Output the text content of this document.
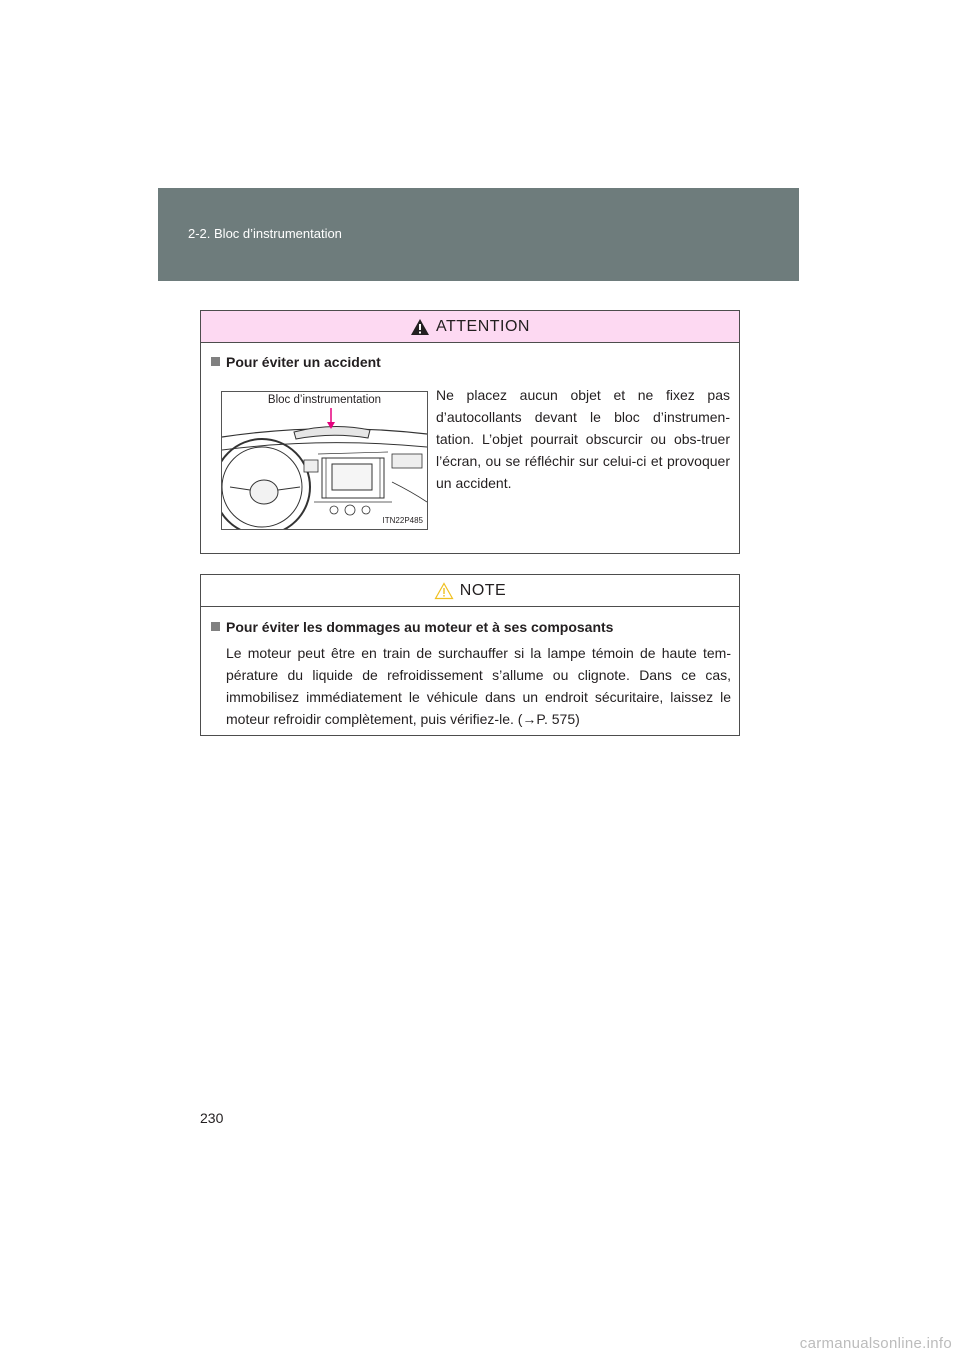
2-2. Bloc d’instrumentation
ATTENTION
Pour éviter un accident
Bloc d’instrumentation
ITN22P485
Ne placez aucun objet et ne fixez pas d’autocollants devant le bloc d’instrumen-tation. L’objet pourrait obscurcir ou obs-truer l’écran, ou se réfléchir sur celui-ci et provoquer un accident.
NOTE
Pour éviter les dommages au moteur et à ses composants
Le moteur peut être en train de surchauffer si la lampe témoin de haute tem-pérature du liquide de refroidissement s’allume ou clignote. Dans ce cas, immobilisez immédiatement le véhicule dans un endroit sécuritaire, laissez le moteur refroidir complètement, puis vérifiez-le. (→P. 575)
230
carmanualsonline.info
